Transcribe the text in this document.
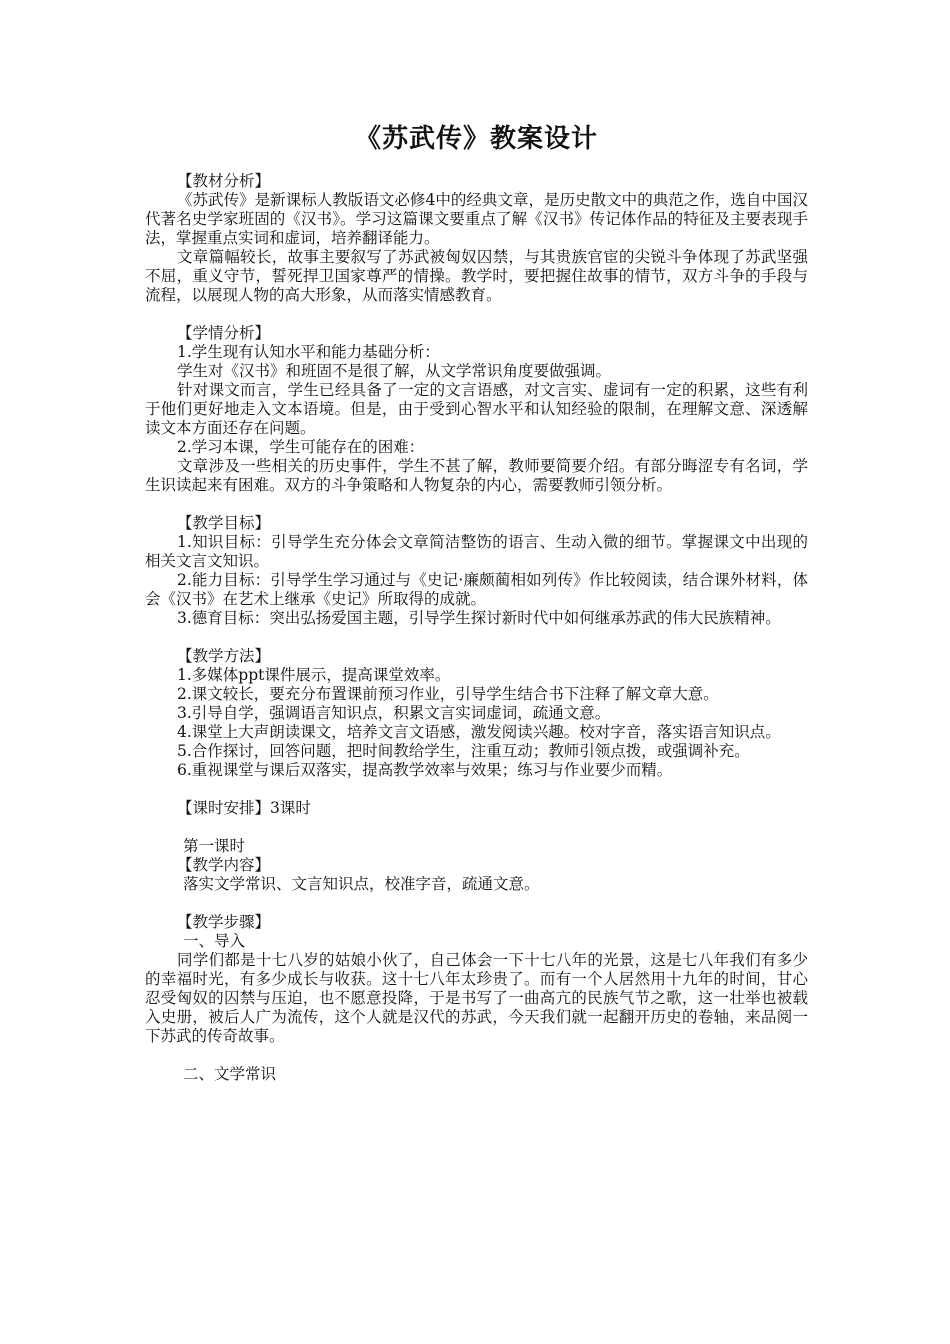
《苏武传》教案设计

【教材分析】

《苏武传》是新课标人教版语文必修4中的经典文章，是历史散文中的典范之作，选自中国汉代著名史学家班固的《汉书》。学习这篇课文要重点了解《汉书》传记体作品的特征及主要表现手法，掌握重点实词和虚词，培养翻译能力。

文章篇幅较长，故事主要叙写了苏武被匈奴囚禁，与其贵族官宦的尖锐斗争体现了苏武坚强不屈，重义守节，誓死捍卫国家尊严的情操。教学时，要把握住故事的情节，双方斗争的手段与流程，以展现人物的高大形象，从而落实情感教育。

【学情分析】

1.学生现有认知水平和能力基础分析：

学生对《汉书》和班固不是很了解，从文学常识角度要做强调。

针对课文而言，学生已经具备了一定的文言语感，对文言实、虚词有一定的积累，这些有利于他们更好地走入文本语境。但是，由于受到心智水平和认知经验的限制，在理解文意、深透解读文本方面还存在问题。

2.学习本课，学生可能存在的困难：

文章涉及一些相关的历史事件，学生不甚了解，教师要简要介绍。有部分晦涩专有名词，学生识读起来有困难。双方的斗争策略和人物复杂的内心，需要教师引领分析。

【教学目标】

1.知识目标：引导学生充分体会文章简洁整饬的语言、生动入微的细节。掌握课文中出现的相关文言文知识。

2.能力目标：引导学生学习通过与《史记·廉颇蔺相如列传》作比较阅读，结合课外材料，体会《汉书》在艺术上继承《史记》所取得的成就。

3.德育目标：突出弘扬爱国主题，引导学生探讨新时代中如何继承苏武的伟大民族精神。

【教学方法】

1.多媒体ppt课件展示，提高课堂效率。

2.课文较长，要充分布置课前预习作业，引导学生结合书下注释了解文章大意。

3.引导自学，强调语言知识点，积累文言实词虚词，疏通文意。

4.课堂上大声朗读课文，培养文言文语感，激发阅读兴趣。校对字音，落实语言知识点。

5.合作探讨，回答问题，把时间教给学生，注重互动；教师引领点拨，或强调补充。

6.重视课堂与课后双落实，提高教学效率与效果；练习与作业要少而精。

【课时安排】3课时

第一课时

【教学内容】

落实文学常识、文言知识点，校准字音，疏通文意。

【教学步骤】

一、导入

同学们都是十七八岁的姑娘小伙了，自己体会一下十七八年的光景，这是七八年我们有多少的幸福时光，有多少成长与收获。这十七八年太珍贵了。而有一个人居然用十九年的时间，甘心忍受匈奴的囚禁与压迫，也不愿意投降，于是书写了一曲高亢的民族气节之歌，这一壮举也被载入史册，被后人广为流传，这个人就是汉代的苏武，今天我们就一起翻开历史的卷轴，来品阅一下苏武的传奇故事。

二、文学常识
